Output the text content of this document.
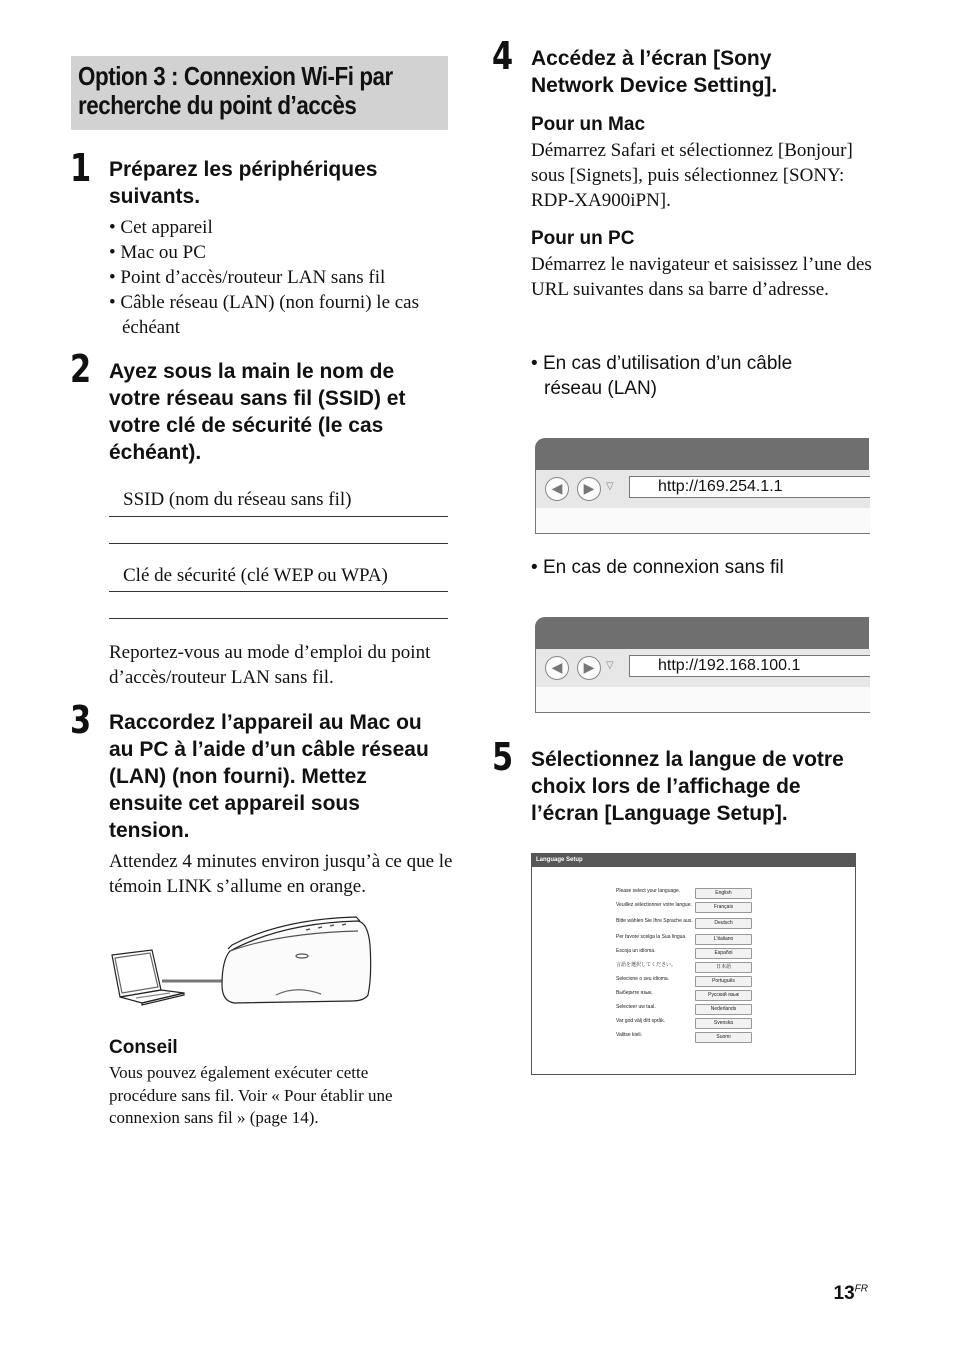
Option 3 : Connexion Wi-Fi par
recherche du point d’accès
1 Préparez les périphériques
suivants.
• Cet appareil
• Mac ou PC
• Point d’accès/routeur LAN sans fil
• Câble réseau (LAN) (non fourni) le cas échéant
2 Ayez sous la main le nom de
votre réseau sans fil (SSID) et
votre clé de sécurité (le cas
échéant).
SSID (nom du réseau sans fil)
Clé de sécurité (clé WEP ou WPA)
Reportez-vous au mode d’emploi du point d’accès/routeur LAN sans fil.
3 Raccordez l’appareil au Mac ou
au PC à l’aide d’un câble réseau
(LAN) (non fourni). Mettez
ensuite cet appareil sous
tension.
Attendez 4 minutes environ jusqu’à ce que le témoin LINK s’allume en orange.
Conseil
Vous pouvez également exécuter cette procédure sans fil. Voir « Pour établir une connexion sans fil » (page 14).
4 Accédez à l’écran [Sony
Network Device Setting].
Pour un Mac
Démarrez Safari et sélectionnez [Bonjour] sous [Signets], puis sélectionnez [SONY: RDP-XA900iPN].
Pour un PC
Démarrez le navigateur et saisissez l’une des URL suivantes dans sa barre d’adresse.
• En cas d’utilisation d’un câble réseau (LAN)
◀	▶	▽	http://169.254.1.1
• En cas de connexion sans fil
◀	▶	▽	http://192.168.100.1
5 Sélectionnez la langue de votre
choix lors de l’affichage de
l’écran [Language Setup].
Language Setup
Please select your language.	English
Veuillez sélectionner votre langue.	Français
Bitte wählen Sie Ihre Sprache aus.	Deutsch
Per favore scelga la Sua lingua.	L'italiano
Escoja un idioma.	Español
言語を選択してください。	日本語
Selecione o seu idioma.	Português
Выберите язык.	Русский язык
Selecteer uw taal.	Nederlands
Var god välj ditt språk.	Svenska
Valitse kieli.	Suomi
$13^{FR}$
